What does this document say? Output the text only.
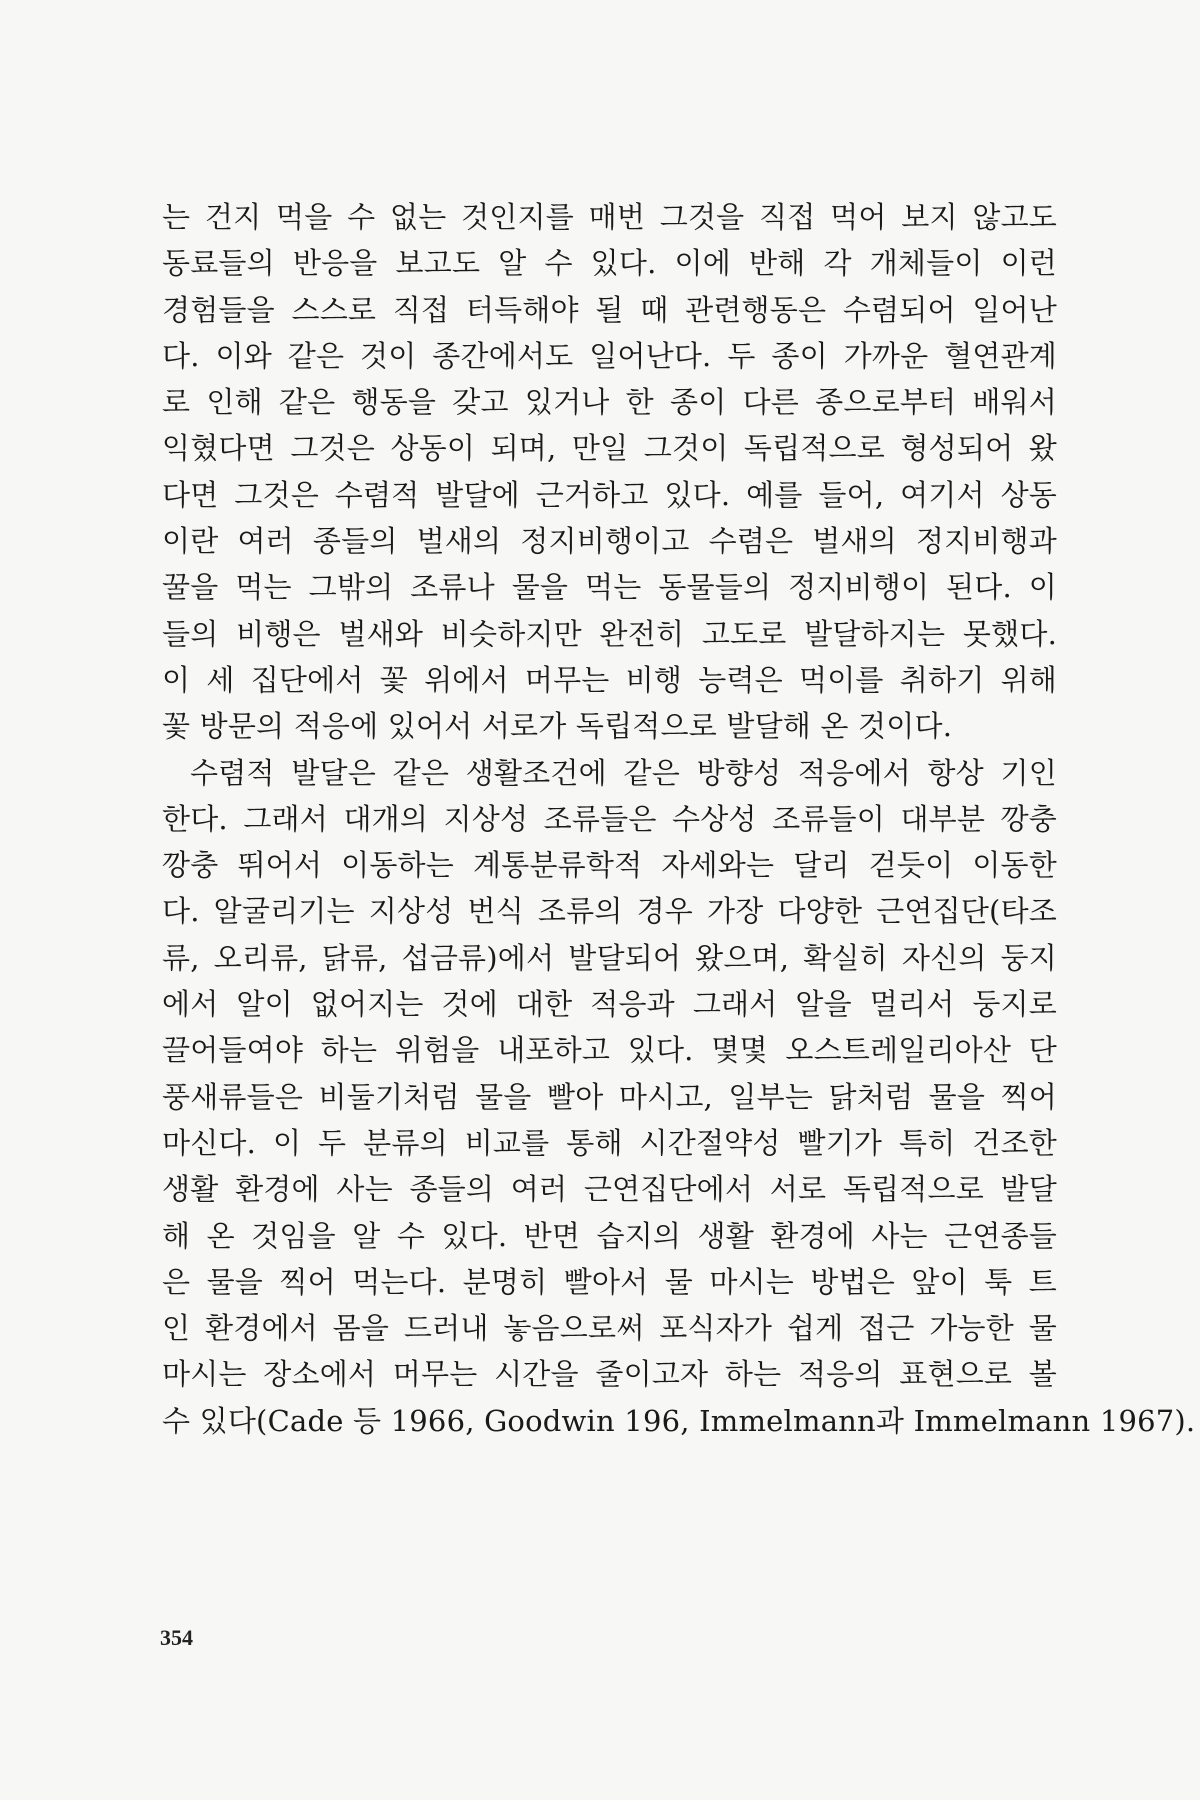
는 건지 먹을 수 없는 것인지를 매번 그것을 직접 먹어 보지 않고도
동료들의 반응을 보고도 알 수 있다. 이에 반해 각 개체들이 이런
경험들을 스스로 직접 터득해야 될 때 관련행동은 수렴되어 일어난
다. 이와 같은 것이 종간에서도 일어난다. 두 종이 가까운 혈연관계
로 인해 같은 행동을 갖고 있거나 한 종이 다른 종으로부터 배워서
익혔다면 그것은 상동이 되며, 만일 그것이 독립적으로 형성되어 왔
다면 그것은 수렴적 발달에 근거하고 있다. 예를 들어, 여기서 상동
이란 여러 종들의 벌새의 정지비행이고 수렴은 벌새의 정지비행과
꿀을 먹는 그밖의 조류나 물을 먹는 동물들의 정지비행이 된다. 이
들의 비행은 벌새와 비슷하지만 완전히 고도로 발달하지는 못했다.
이 세 집단에서 꽃 위에서 머무는 비행 능력은 먹이를 취하기 위해
꽃 방문의 적응에 있어서 서로가 독립적으로 발달해 온 것이다.
수렴적 발달은 같은 생활조건에 같은 방향성 적응에서 항상 기인
한다. 그래서 대개의 지상성 조류들은 수상성 조류들이 대부분 깡충
깡충 뛰어서 이동하는 계통분류학적 자세와는 달리 걷듯이 이동한
다. 알굴리기는 지상성 번식 조류의 경우 가장 다양한 근연집단(타조
류, 오리류, 닭류, 섭금류)에서 발달되어 왔으며, 확실히 자신의 둥지
에서 알이 없어지는 것에 대한 적응과 그래서 알을 멀리서 둥지로
끌어들여야 하는 위험을 내포하고 있다. 몇몇 오스트레일리아산 단
풍새류들은 비둘기처럼 물을 빨아 마시고, 일부는 닭처럼 물을 찍어
마신다. 이 두 분류의 비교를 통해 시간절약성 빨기가 특히 건조한
생활 환경에 사는 종들의 여러 근연집단에서 서로 독립적으로 발달
해 온 것임을 알 수 있다. 반면 습지의 생활 환경에 사는 근연종들
은 물을 찍어 먹는다. 분명히 빨아서 물 마시는 방법은 앞이 툭 트
인 환경에서 몸을 드러내 놓음으로써 포식자가 쉽게 접근 가능한 물
마시는 장소에서 머무는 시간을 줄이고자 하는 적응의 표현으로 볼
수 있다(Cade 등 1966, Goodwin 196, Immelmann과 Immelmann 1967).
354
